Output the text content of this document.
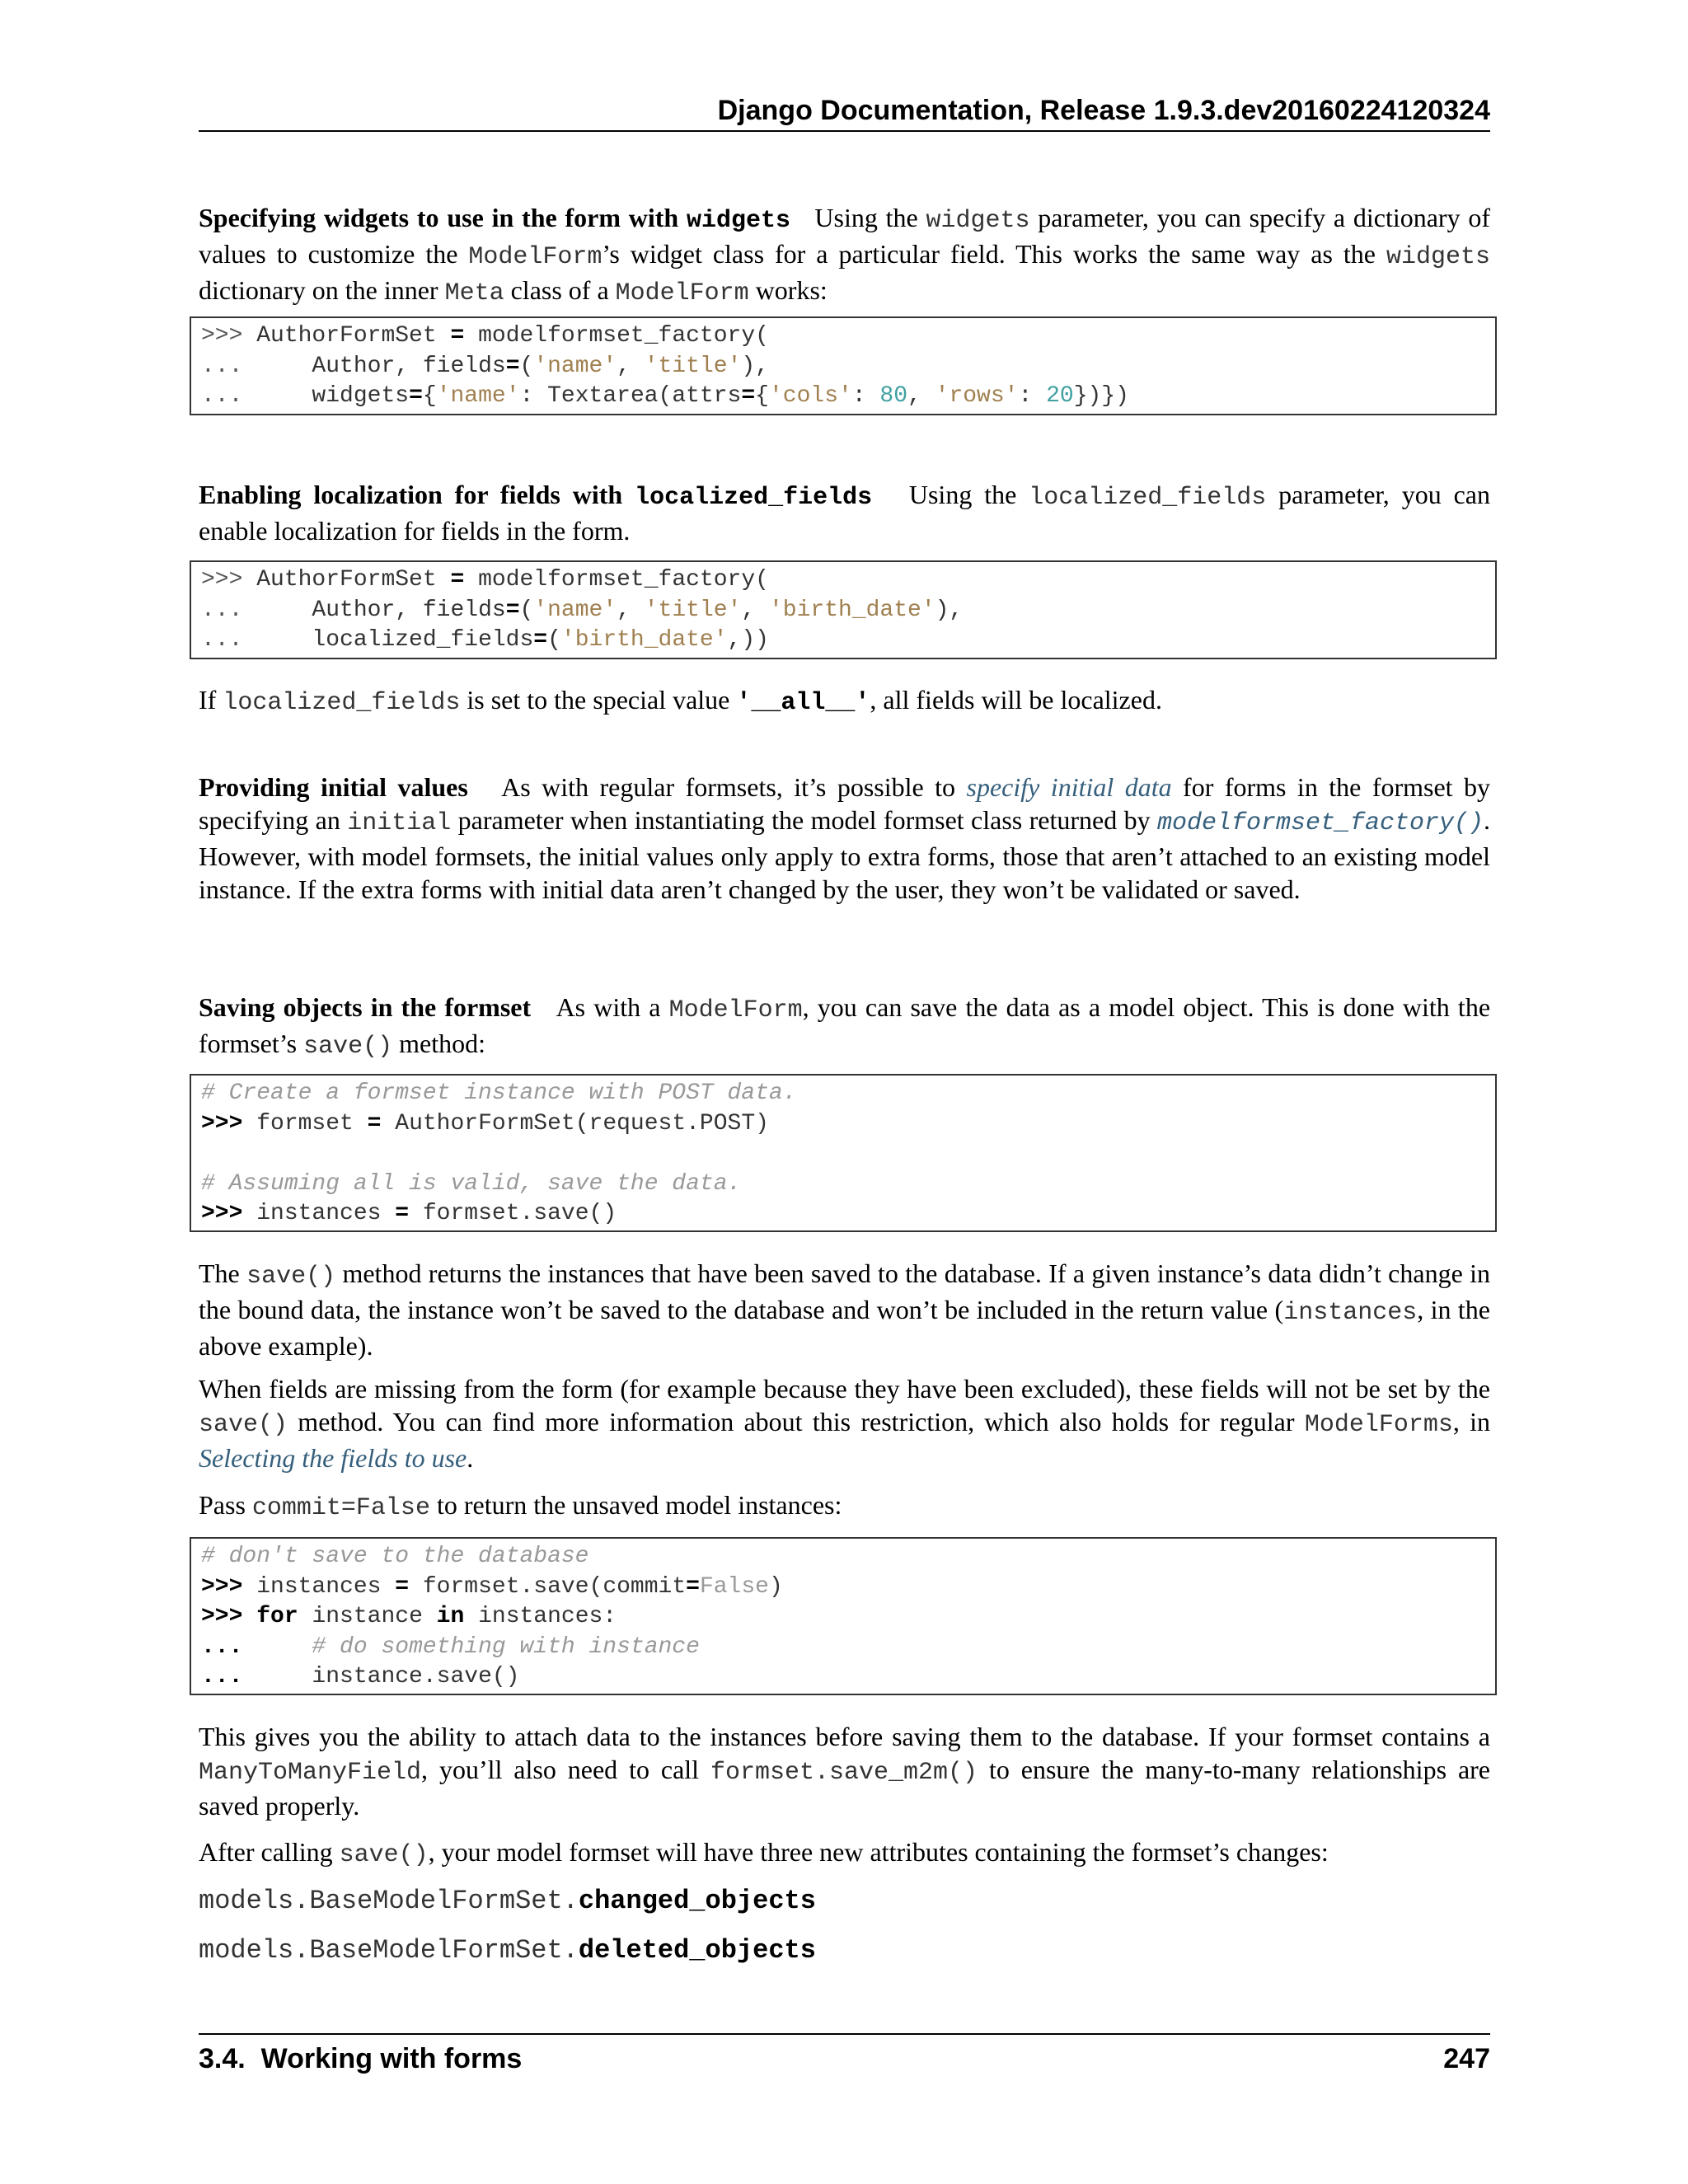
Django Documentation, Release 1.9.3.dev20160224120324

Specifying widgets to use in the form with widgets Using the widgets parameter, you can specify a dictionary of values to customize the ModelForm’s widget class for a particular field. This works the same way as the widgets dictionary on the inner Meta class of a ModelForm works:

>>> AuthorFormSet = modelformset_factory(
...     Author, fields=('name', 'title'),
...     widgets={'name': Textarea(attrs={'cols': 80, 'rows': 20})})

Enabling localization for fields with localized_fields Using the localized_fields parameter, you can enable localization for fields in the form.

>>> AuthorFormSet = modelformset_factory(
...     Author, fields=('name', 'title', 'birth_date'),
...     localized_fields=('birth_date',))

If localized_fields is set to the special value '__all__', all fields will be localized.

Providing initial values As with regular formsets, it’s possible to specify initial data for forms in the formset by specifying an initial parameter when instantiating the model formset class returned by modelformset_factory(). However, with model formsets, the initial values only apply to extra forms, those that aren’t attached to an existing model instance. If the extra forms with initial data aren’t changed by the user, they won’t be validated or saved.

Saving objects in the formset As with a ModelForm, you can save the data as a model object. This is done with the formset’s save() method:

# Create a formset instance with POST data.
>>> formset = AuthorFormSet(request.POST)
# Assuming all is valid, save the data.
>>> instances = formset.save()

The save() method returns the instances that have been saved to the database. If a given instance’s data didn’t change in the bound data, the instance won’t be saved to the database and won’t be included in the return value (instances, in the above example).

When fields are missing from the form (for example because they have been excluded), these fields will not be set by the save() method. You can find more information about this restriction, which also holds for regular ModelForms, in Selecting the fields to use.

Pass commit=False to return the unsaved model instances:

# don't save to the database
>>> instances = formset.save(commit=False)
>>> for instance in instances:
...     # do something with instance
...     instance.save()

This gives you the ability to attach data to the instances before saving them to the database. If your formset contains a ManyToManyField, you’ll also need to call formset.save_m2m() to ensure the many-to-many relationships are saved properly.

After calling save(), your model formset will have three new attributes containing the formset’s changes:

models.BaseModelFormSet.changed_objects
models.BaseModelFormSet.deleted_objects
3.4.  Working with forms	247
